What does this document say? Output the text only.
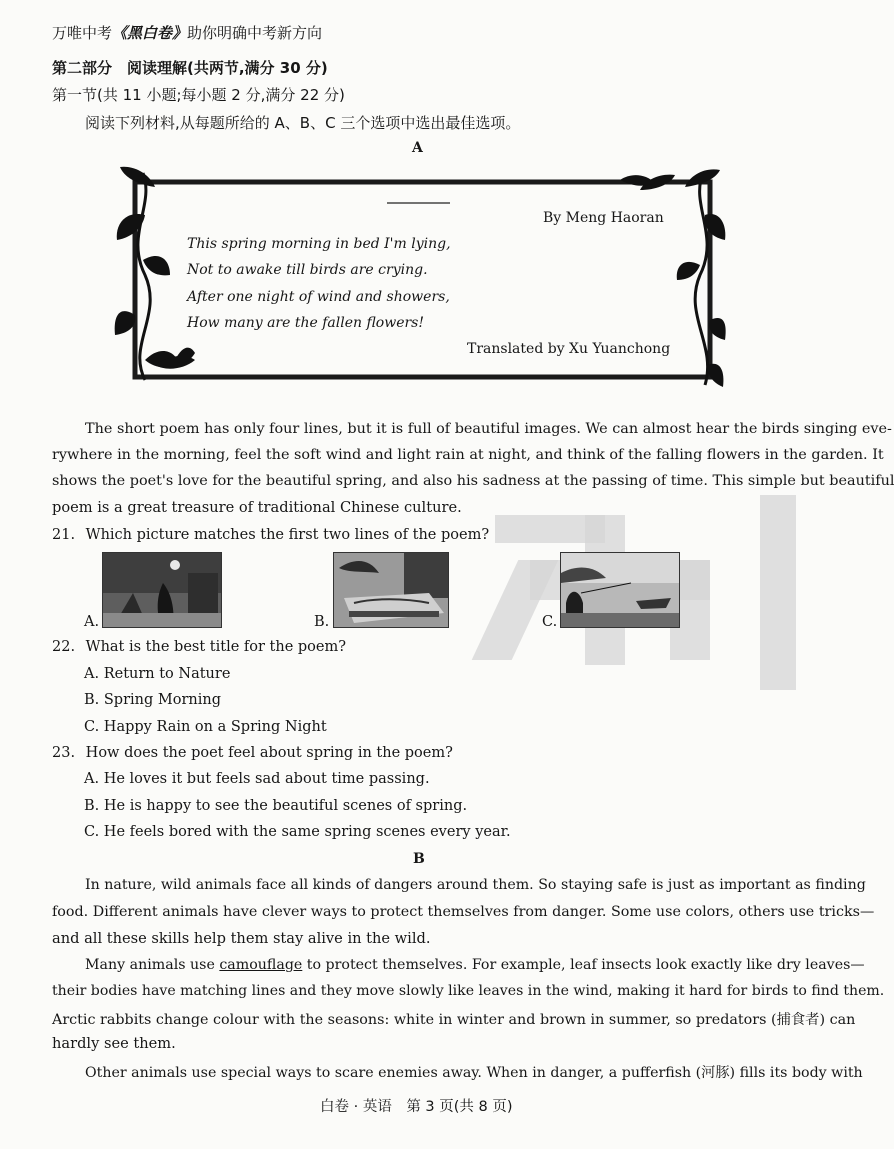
万唯中考《黑白卷》助你明确中考新方向
第二部分　阅读理解(共两节,满分 30 分)
第一节(共 11 小题;每小题 2 分,满分 22 分)
阅读下列材料,从每题所给的 A、B、C 三个选项中选出最佳选项。
A
By Meng Haoran
This spring morning in bed I'm lying,
Not to awake till birds are crying.
After one night of wind and showers,
How many are the fallen flowers!
Translated by Xu Yuanchong
The short poem has only four lines, but it is full of beautiful images. We can almost hear the birds singing eve-
rywhere in the morning, feel the soft wind and light rain at night, and think of the falling flowers in the garden. It
shows the poet's love for the beautiful spring, and also his sadness at the passing of time. This simple but beautiful
poem is a great treasure of traditional Chinese culture.
21. Which picture matches the first two lines of the poem?
A.	B.	C.
22. What is the best title for the poem?
A. Return to Nature
B. Spring Morning
C. Happy Rain on a Spring Night
23. How does the poet feel about spring in the poem?
A. He loves it but feels sad about time passing.
B. He is happy to see the beautiful scenes of spring.
C. He feels bored with the same spring scenes every year.
B
In nature, wild animals face all kinds of dangers around them. So staying safe is just as important as finding
food. Different animals have clever ways to protect themselves from danger. Some use colors, others use tricks—
and all these skills help them stay alive in the wild.
Many animals use camouflage to protect themselves. For example, leaf insects look exactly like dry leaves—
their bodies have matching lines and they move slowly like leaves in the wind, making it hard for birds to find them.
Arctic rabbits change colour with the seasons: white in winter and brown in summer, so predators (捕食者) can
hardly see them.
Other animals use special ways to scare enemies away. When in danger, a pufferfish (河豚) fills its body with
白卷 · 英语　第 3 页(共 8 页)
